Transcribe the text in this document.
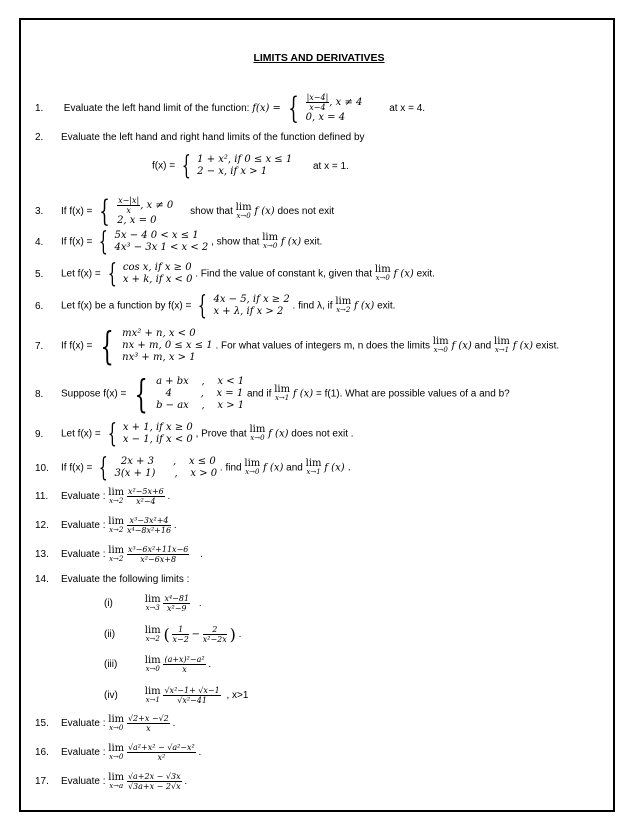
LIMITS AND DERIVATIVES
1. Evaluate the left hand limit of the function: f(x) = { $\frac{|x-4|}{x-4}$ , x ≠ 4
0, x = 4
at x = 4.
2. Evaluate the left hand and right hand limits of the function defined by
f(x) = { 1 + x², if 0 ≤ x ≤ 1
2 − x, if x > 1	at x = 1.
3. If f(x) = { $\frac{x-|x|}{x}$ , x ≠ 0
2, x = 0
show that lim
x→0 f (x) does not exit
4. If f(x) = { 5x − 4 0 < x ≤ 1
4x³ − 3x 1 < x < 2 , show that lim
x→0 f (x) exit.
5. Let f(x) = { cos x, if x ≥ 0
x + k, if x < 0 . Find the value of constant k, given that lim
x→0 f (x) exit.
6. Let f(x) be a function by f(x) = { 4x − 5, if x ≥ 2
x + λ, if x > 2 . find λ, if lim
x→2 f (x) exit.
7. If f(x) = { mx² + n, x < 0
nx + m, 0 ≤ x ≤ 1
nx³ + m, x > 1
. For what values of integers m, n does the limits lim
x→0 f (x) and lim
x→1 f (x) exist.
8. Suppose f(x) = { a + bx    ,    x < 1
4         ,    x = 1
b − ax    ,    x > 1
and if lim
x→1 f (x) = f(1). What are possible values of a and b?
9. Let f(x) = { x + 1, if x ≥ 0
x − 1, if x < 0 , Prove that lim
x→0 f (x) does not exit .
10. If f(x) = { 2x + 3      ,    x ≤ 0
3(x + 1)      ,    x > 0 . find lim
x→0 f (x) and lim
x→1 f (x) .
11. Evaluate : lim
x→2
$\frac{\text{x²−5x+6}}{\text{x²−4}}$ .
12. Evaluate : lim
x→2
$\frac{\text{x³−3x²+4}}{\text{x⁴−8x²+16}}$ .
13. Evaluate : lim
x→2
$\frac{\text{x³−6x²+11x−6}}{\text{x²−6x+8}}$ .
14. Evaluate the following limits :
(i)	lim
x→3
$\frac{\text{x⁴−81}}{\text{x²−9}}$ .
(ii)	lim
x→2 ( $\frac{1}{x-2} - \frac{2}{\text{x²−2x}}$ ) .
(iii)	lim
x→0
$\frac{\text{(a+x)²−a²}}{x}$ .
(iv)	lim
x→1
$\frac{\text{√x²−1+ √x−1}}{\text{√x²−41}}$ , x>1
15. Evaluate : lim
x→0
$\frac{√2+x -√2}{x}$ .
16. Evaluate : lim
x→0
$\frac{\text{√a²+x² − √a²−x²}}{\text{x²}}$ .
17. Evaluate : lim
x→a
$\frac{√a+2x - √3x}{√3a+x - 2√x}$ .
